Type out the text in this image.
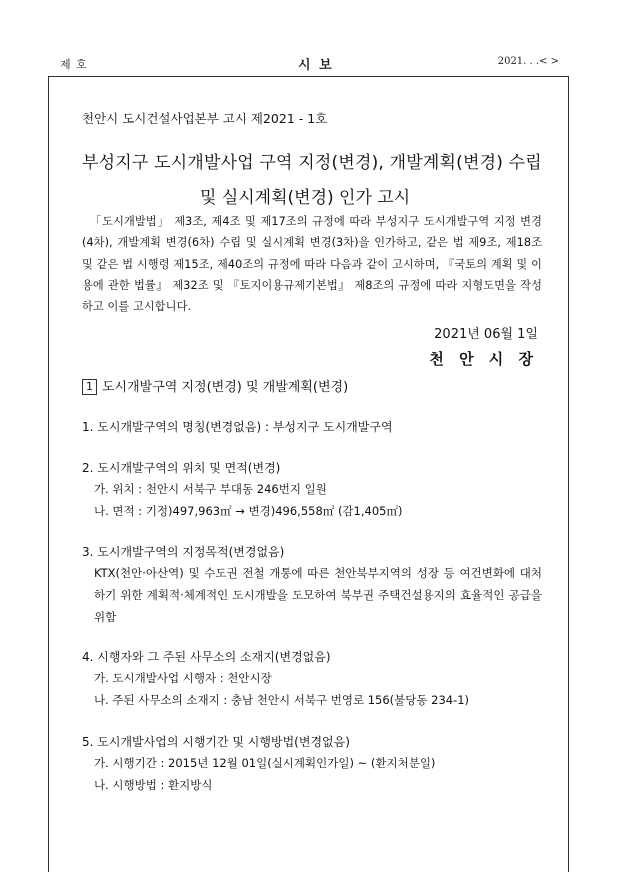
제 호	시 보	2021. . .< >
천안시 도시건설사업본부 고시 제2021 - 1호
부성지구 도시개발사업 구역 지정(변경), 개발계획(변경) 수립
및 실시계획(변경) 인가 고시
「도시개발법」 제3조, 제4조 및 제17조의 규정에 따라 부성지구 도시개발구역 지정 변경(4차), 개발계획 변경(6차) 수립 및 실시계획 변경(3차)을 인가하고, 같은 법 제9조, 제18조 및 같은 법 시행령 제15조, 제40조의 규정에 따라 다음과 같이 고시하며, 『국토의 계획 및 이용에 관한 법률』 제32조 및 『토지이용규제기본법』 제8조의 규정에 따라 지형도면을 작성하고 이를 고시합니다.
2021년 06월 1일
천 안 시 장
1 도시개발구역 지정(변경) 및 개발계획(변경)
1. 도시개발구역의 명칭(변경없음) : 부성지구 도시개발구역
2. 도시개발구역의 위치 및 면적(변경)
가. 위치 : 천안시 서북구 부대동 246번지 일원
나. 면적 : 기정)497,963㎡ → 변경)496,558㎡ (감1,405㎡)
3. 도시개발구역의 지정목적(변경없음)
KTX(천안·아산역) 및 수도권 전철 개통에 따른 천안북부지역의 성장 등 여건변화에 대처하기 위한 계획적·체계적인 도시개발을 도모하여 북부권 주택건설용지의 효율적인 공급을 위함
4. 시행자와 그 주된 사무소의 소재지(변경없음)
가. 도시개발사업 시행자 : 천안시장
나. 주된 사무소의 소재지 : 충남 천안시 서북구 번영로 156(불당동 234-1)
5. 도시개발사업의 시행기간 및 시행방법(변경없음)
가. 시행기간 : 2015년 12월 01일(실시계획인가일) ~ (환지처분일)
나. 시행방법 : 환지방식
